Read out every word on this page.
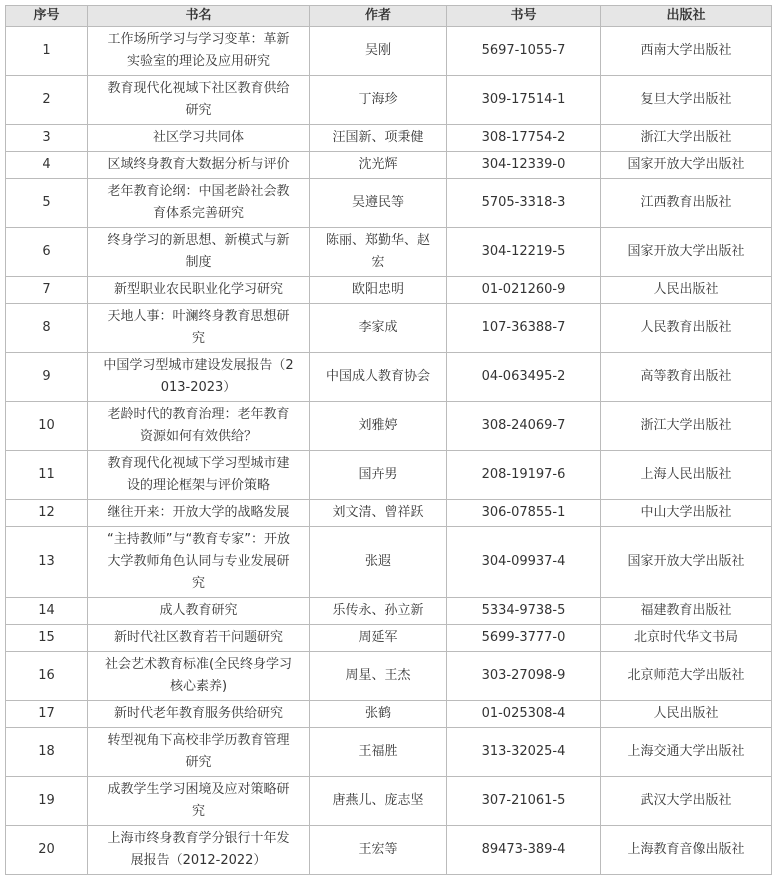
序号	书名	作者	书号	出版社
1	工作场所学习与学习变革：革新实验室的理论及应用研究	吴刚	5697-1055-7	西南大学出版社
2	教育现代化视域下社区教育供给研究	丁海珍	309-17514-1	复旦大学出版社
3	社区学习共同体	汪国新、项秉健	308-17754-2	浙江大学出版社
4	区域终身教育大数据分析与评价	沈光辉	304-12339-0	国家开放大学出版社
5	老年教育论纲：中国老龄社会教育体系完善研究	吴遵民等	5705-3318-3	江西教育出版社
6	终身学习的新思想、新模式与新制度	陈丽、郑勤华、赵宏	304-12219-5	国家开放大学出版社
7	新型职业农民职业化学习研究	欧阳忠明	01-021260-9	人民出版社
8	天地人事：叶澜终身教育思想研究	李家成	107-36388-7	人民教育出版社
9	中国学习型城市建设发展报告（2013-2023）	中国成人教育协会	04-063495-2	高等教育出版社
10	老龄时代的教育治理：老年教育资源如何有效供给？	刘雅婷	308-24069-7	浙江大学出版社
11	教育现代化视域下学习型城市建设的理论框架与评价策略	国卉男	208-19197-6	上海人民出版社
12	继往开来：开放大学的战略发展	刘文清、曾祥跃	306-07855-1	中山大学出版社
13	“主持教师”与“教育专家”：开放大学教师角色认同与专业发展研究	张遐	304-09937-4	国家开放大学出版社
14	成人教育研究	乐传永、孙立新	5334-9738-5	福建教育出版社
15	新时代社区教育若干问题研究	周延军	5699-3777-0	北京时代华文书局
16	社会艺术教育标准(全民终身学习核心素养)	周星、王杰	303-27098-9	北京师范大学出版社
17	新时代老年教育服务供给研究	张鹤	01-025308-4	人民出版社
18	转型视角下高校非学历教育管理研究	王福胜	313-32025-4	上海交通大学出版社
19	成教学生学习困境及应对策略研究	唐燕儿、庞志坚	307-21061-5	武汉大学出版社
20	上海市终身教育学分银行十年发展报告（2012-2022）	王宏等	89473-389-4	上海教育音像出版社
